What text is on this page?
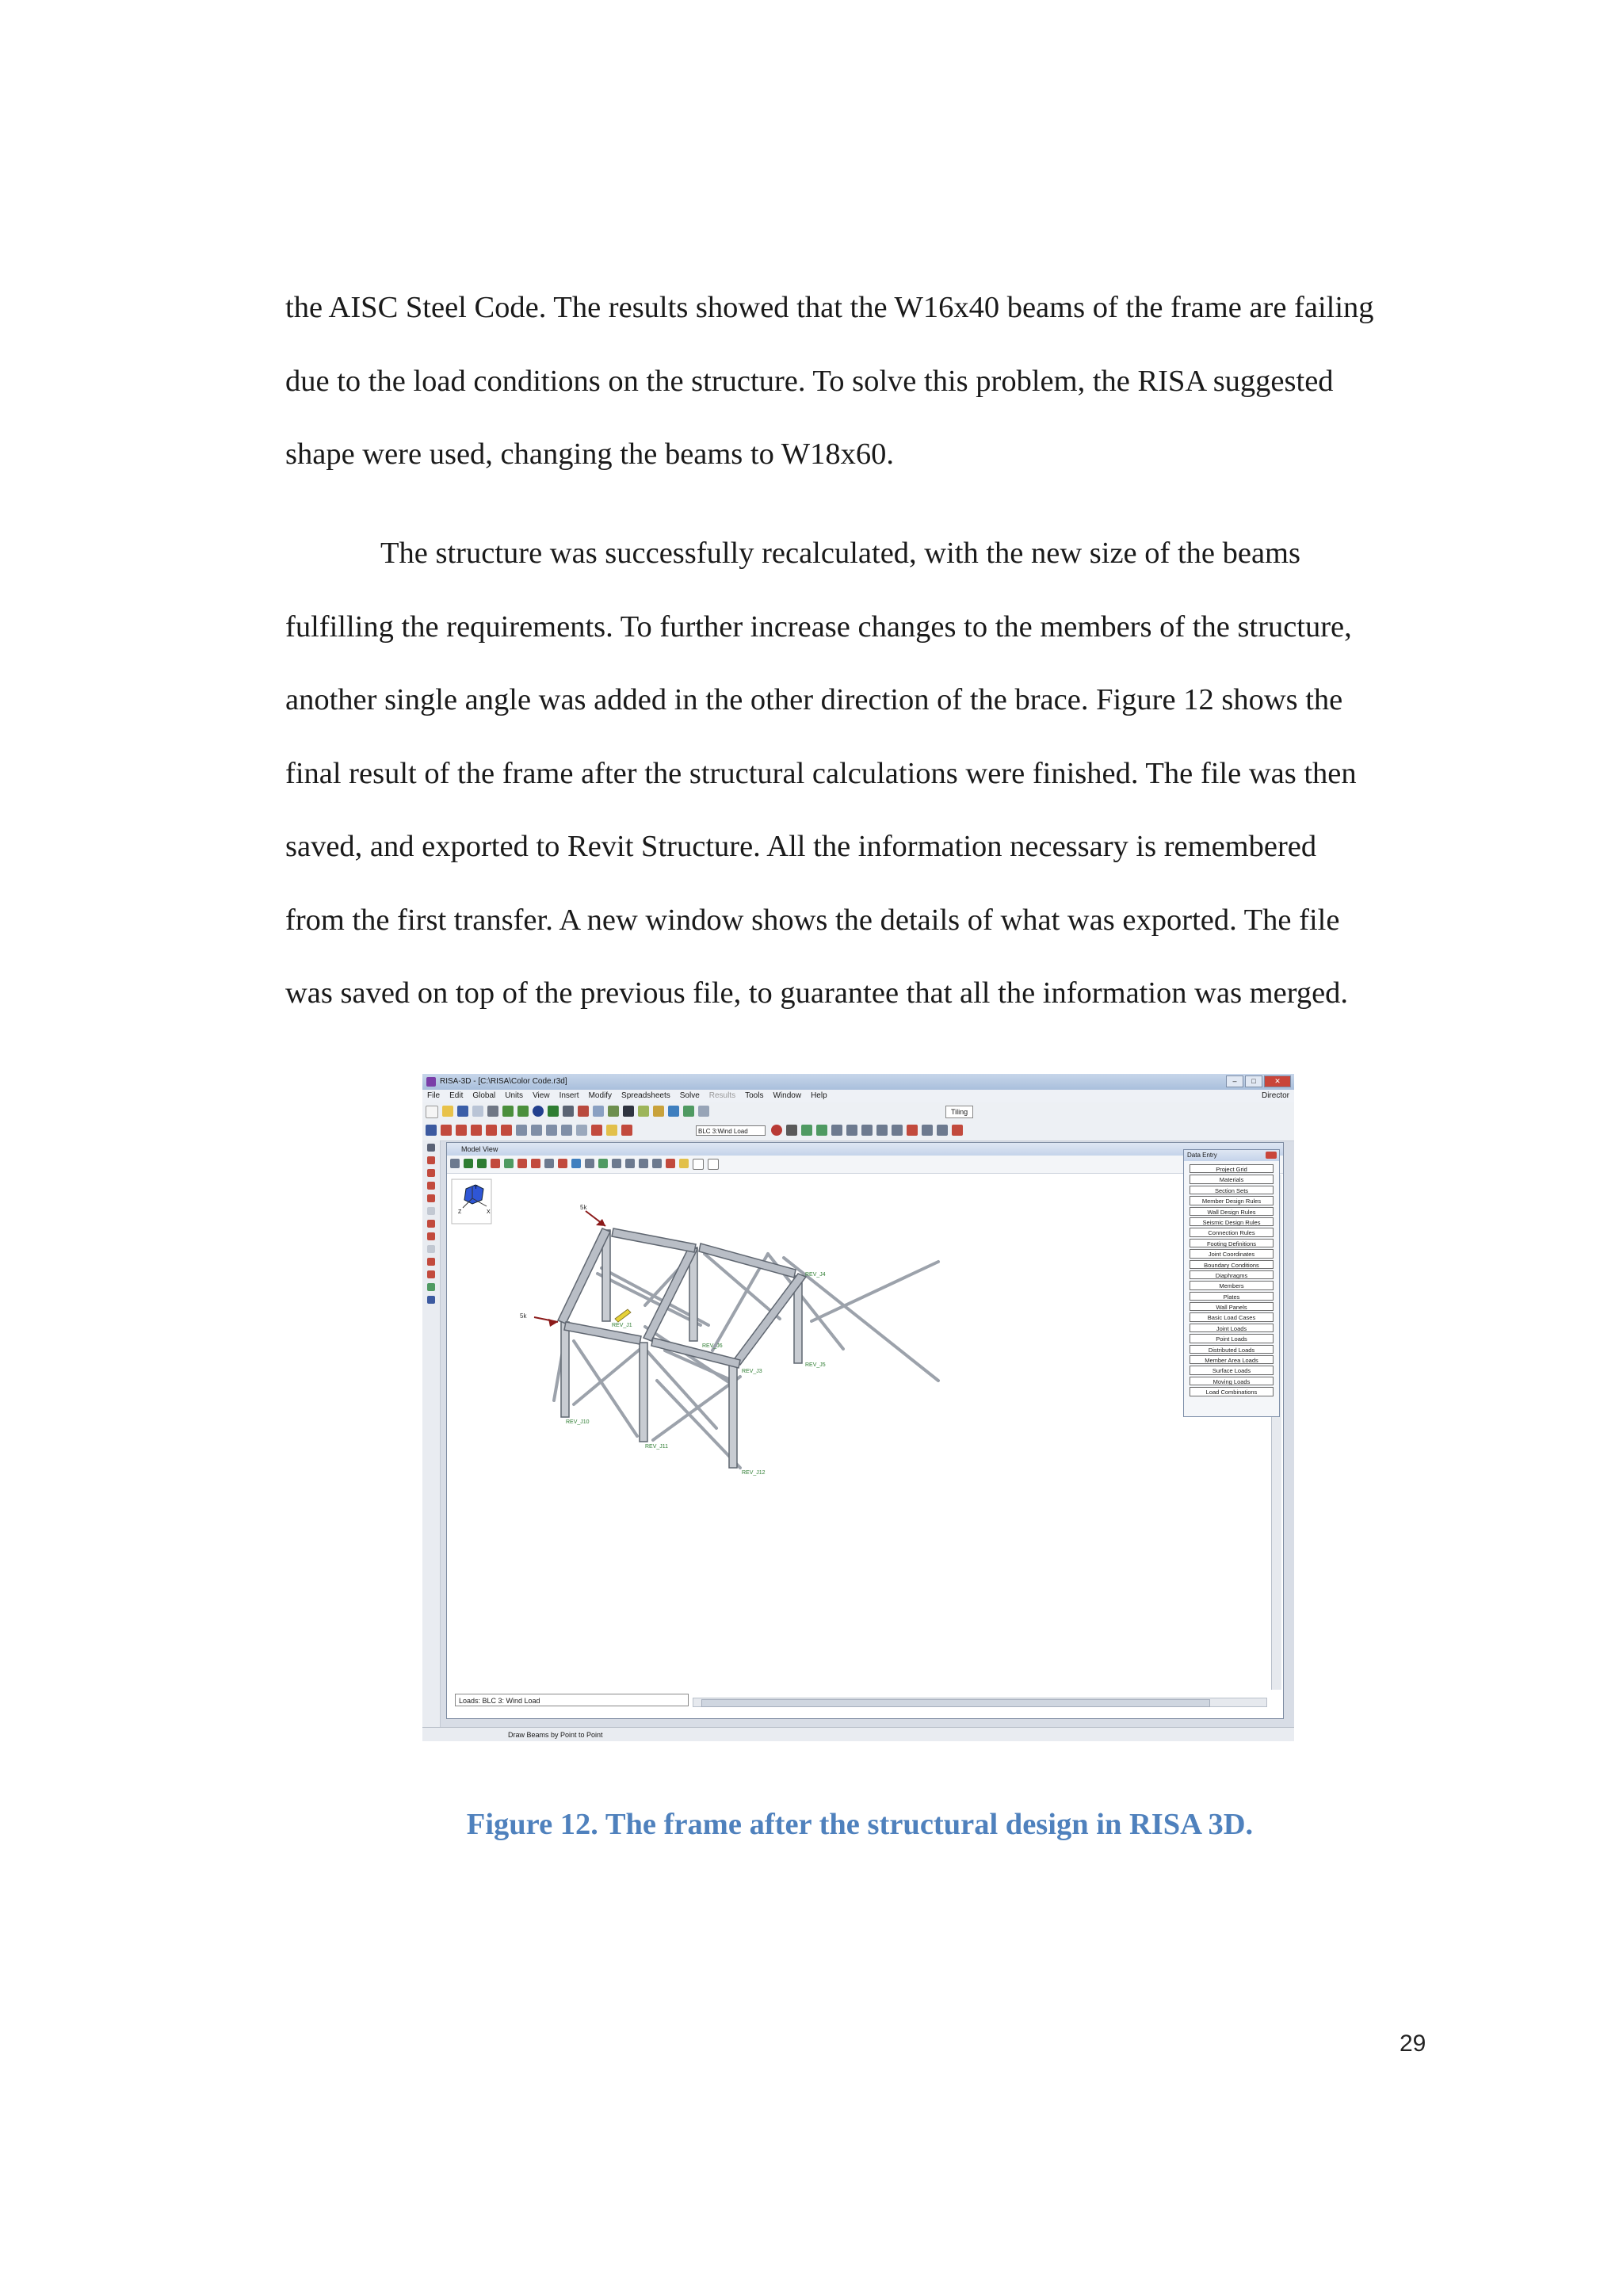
the AISC Steel Code. The results showed that the W16x40 beams of the frame are failing
due to the load conditions on the structure. To solve this problem, the RISA suggested
shape were used, changing the beams to W18x60.
The structure was successfully recalculated, with the new size of the beams
fulfilling the requirements. To further increase changes to the members of the structure,
another single angle was added in the other direction of the brace. Figure 12 shows the
final result of the frame after the structural calculations were finished. The file was then
saved, and exported to Revit Structure. All the information necessary is remembered
from the first transfer. A new window shows the details of what was exported. The file
was saved on top of the previous file, to guarantee that all the information was merged.
RISA-3D - [C:\RISA\Color Code.r3d]	–	□	✕
File Edit Global Units View Insert Modify Spreadsheets Solve Results Tools Window Help	Director
Tiling
BLC 3:Wind Load
Model View
Y
X
Z
5k
5k
REV_J1
REV_J4
REV_J6
REV_J5
REV_J10
REV_J11
REV_J3
REV_J12
Loads: BLC 3: Wind Load
Data Entry
Project Grid
Materials
Section Sets
Member Design Rules
Wall Design Rules
Seismic Design Rules
Connection Rules
Footing Definitions
Joint Coordinates
Boundary Conditions
Diaphragms
Members
Plates
Wall Panels
Basic Load Cases
Joint Loads
Point Loads
Distributed Loads
Member Area Loads
Surface Loads
Moving Loads
Load Combinations
Draw Beams by Point to Point
Figure 12. The frame after the structural design in RISA 3D.
29
